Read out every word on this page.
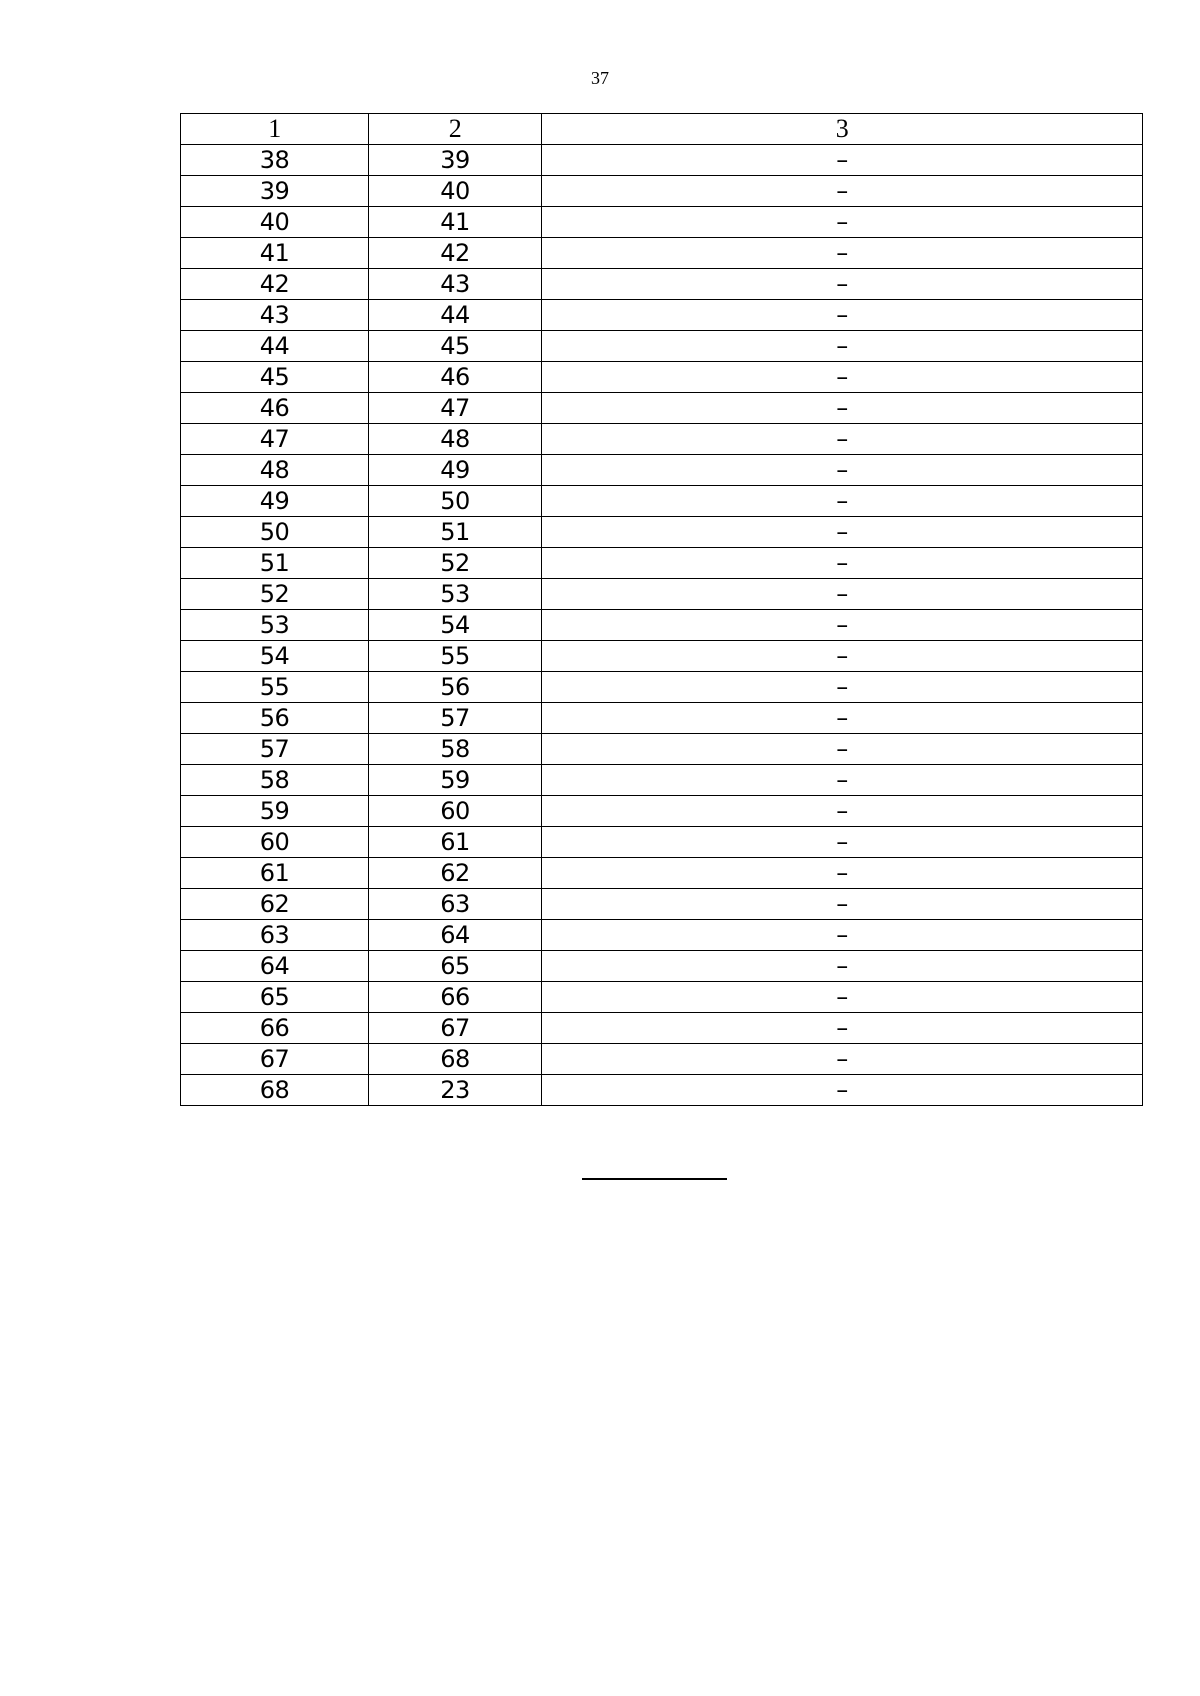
37
1	2	3
38	39	–
39	40	–
40	41	–
41	42	–
42	43	–
43	44	–
44	45	–
45	46	–
46	47	–
47	48	–
48	49	–
49	50	–
50	51	–
51	52	–
52	53	–
53	54	–
54	55	–
55	56	–
56	57	–
57	58	–
58	59	–
59	60	–
60	61	–
61	62	–
62	63	–
63	64	–
64	65	–
65	66	–
66	67	–
67	68	–
68	23	–
